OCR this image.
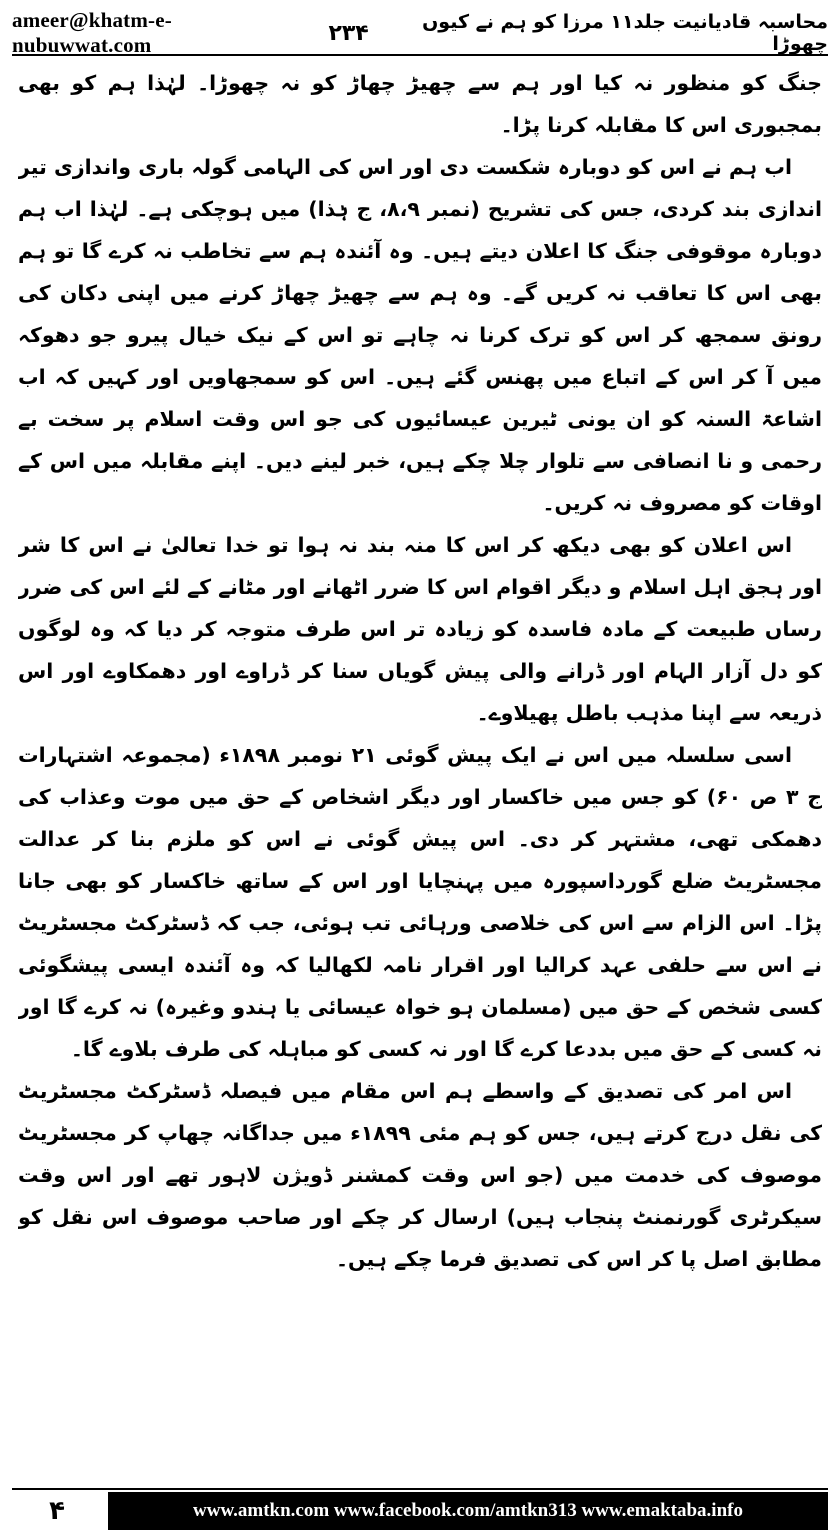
ameer@khatm-e-nubuwwat.com
محاسبہ قادیانیت جلد۱۱ مرزا کو ہم نے کیوں چھوڑا
۲۳۴

جنگ کو منظور نہ کیا اور ہم سے چھیڑ چھاڑ کو نہ چھوڑا۔ لہٰذا ہم کو بھی بمجبوری اس کا مقابلہ کرنا پڑا۔

اب ہم نے اس کو دوبارہ شکست دی اور اس کی الہامی گولہ باری واندازی تیر اندازی بند کردی، جس کی تشریح (نمبر ۸،۹، ج ہٰذا) میں ہوچکی ہے۔ لہٰذا اب ہم دوبارہ موقوفی جنگ کا اعلان دیتے ہیں۔ وہ آئندہ ہم سے تخاطب نہ کرے گا تو ہم بھی اس کا تعاقب نہ کریں گے۔ وہ ہم سے چھیڑ چھاڑ کرنے میں اپنی دکان کی رونق سمجھ کر اس کو ترک کرنا نہ چاہے تو اس کے نیک خیال پیرو جو دھوکہ میں آ کر اس کے اتباع میں پھنس گئے ہیں۔ اس کو سمجھاویں اور کہیں کہ اب اشاعۃ السنہ کو ان یونی ٹیرین عیسائیوں کی جو اس وقت اسلام پر سخت بے رحمی و نا انصافی سے تلوار چلا چکے ہیں، خبر لینے دیں۔ اپنے مقابلہ میں اس کے اوقات کو مصروف نہ کریں۔

اس اعلان کو بھی دیکھ کر اس کا منہ بند نہ ہوا تو خدا تعالیٰ نے اس کا شر اور ہجق اہل اسلام و دیگر اقوام اس کا ضرر اٹھانے اور مٹانے کے لئے اس کی ضرر رساں طبیعت کے مادہ فاسدہ کو زیادہ تر اس طرف متوجہ کر دیا کہ وہ لوگوں کو دل آزار الہام اور ڈرانے والی پیش گویاں سنا کر ڈراوے اور دھمکاوے اور اس ذریعہ سے اپنا مذہب باطل پھیلاوے۔

اسی سلسلہ میں اس نے ایک پیش گوئی ۲۱ نومبر ۱۸۹۸ء (مجموعہ اشتہارات ج ۳ ص ۶۰) کو جس میں خاکسار اور دیگر اشخاص کے حق میں موت وعذاب کی دھمکی تھی، مشتہر کر دی۔ اس پیش گوئی نے اس کو ملزم بنا کر عدالت مجسٹریٹ ضلع گورداسپورہ میں پہنچایا اور اس کے ساتھ خاکسار کو بھی جانا پڑا۔ اس الزام سے اس کی خلاصی ورہائی تب ہوئی، جب کہ ڈسٹرکٹ مجسٹریٹ نے اس سے حلفی عہد کرالیا اور اقرار نامہ لکھالیا کہ وہ آئندہ ایسی پیشگوئی کسی شخص کے حق میں (مسلمان ہو خواہ عیسائی یا ہندو وغیرہ) نہ کرے گا اور نہ کسی کے حق میں بددعا کرے گا اور نہ کسی کو مباہلہ کی طرف بلاوے گا۔

اس امر کی تصدیق کے واسطے ہم اس مقام میں فیصلہ ڈسٹرکٹ مجسٹریٹ کی نقل درج کرتے ہیں، جس کو ہم مئی ۱۸۹۹ء میں جداگانہ چھاپ کر مجسٹریٹ موصوف کی خدمت میں (جو اس وقت کمشنر ڈویژن لاہور تھے اور اس وقت سیکرٹری گورنمنٹ پنجاب ہیں) ارسال کر چکے اور صاحب موصوف اس نقل کو مطابق اصل پا کر اس کی تصدیق فرما چکے ہیں۔

۴	www.amtkn.com www.facebook.com/amtkn313 www.emaktaba.info
